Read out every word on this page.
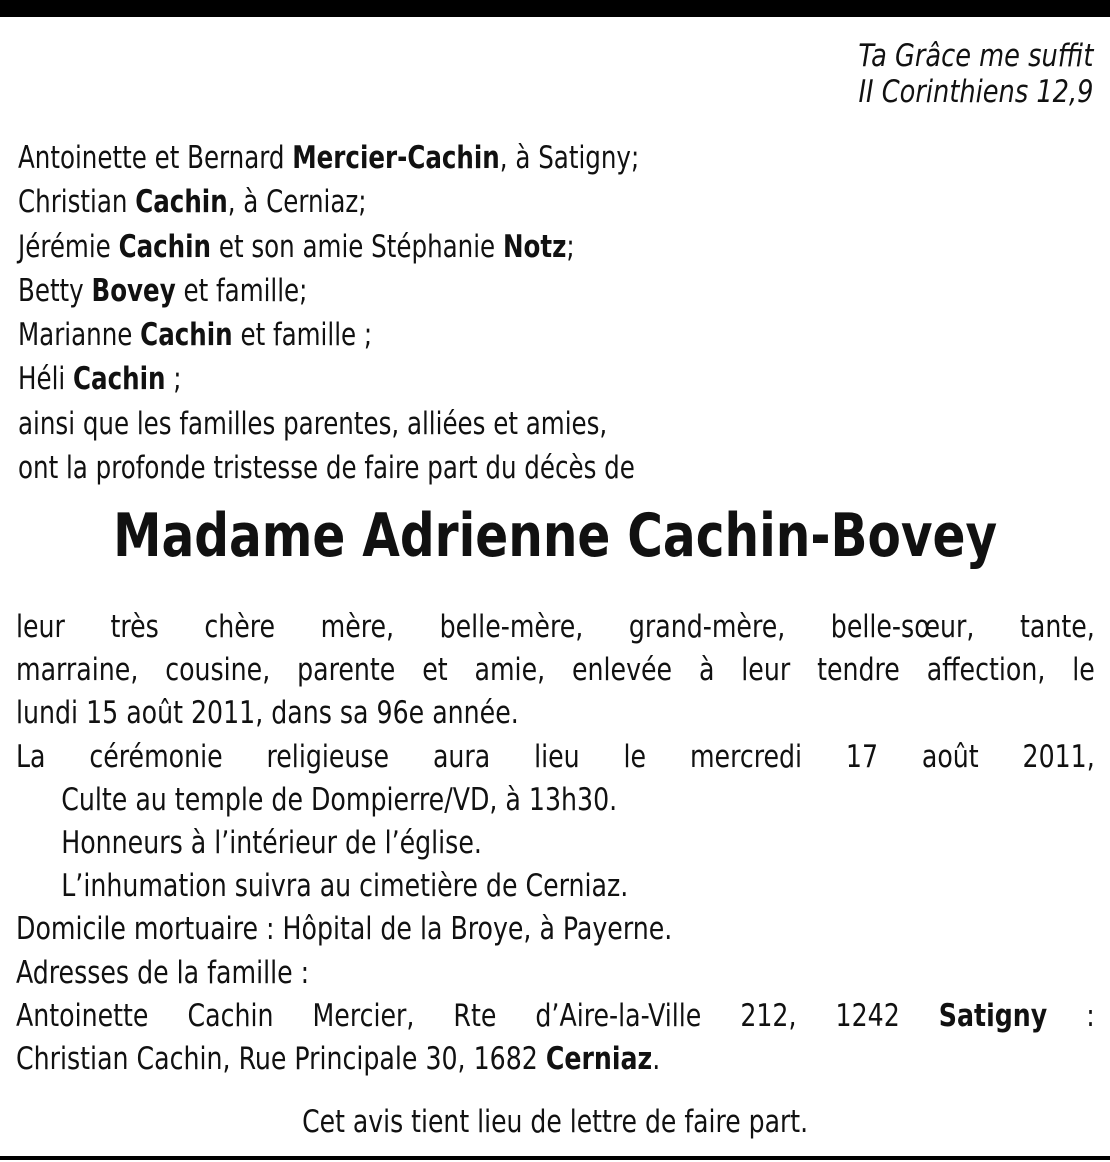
Ta Grâce me suffit
II Corinthiens 12,9
Antoinette et Bernard Mercier-Cachin, à Satigny;
Christian Cachin, à Cerniaz;
Jérémie Cachin et son amie Stéphanie Notz;
Betty Bovey et famille;
Marianne Cachin et famille ;
Héli Cachin ;
ainsi que les familles parentes, alliées et amies,
ont la profonde tristesse de faire part du décès de
Madame Adrienne Cachin-Bovey
leur très chère mère, belle-mère, grand-mère, belle-sœur, tante,
marraine, cousine, parente et amie, enlevée à leur tendre affection, le
lundi 15 août 2011, dans sa 96e année.
La cérémonie religieuse aura lieu le mercredi 17 août 2011,
Culte au temple de Dompierre/VD, à 13h30.
Honneurs à l’intérieur de l’église.
L’inhumation suivra au cimetière de Cerniaz.
Domicile mortuaire : Hôpital de la Broye, à Payerne.
Adresses de la famille :
Antoinette Cachin Mercier, Rte d’Aire-la-Ville 212, 1242 Satigny :
Christian Cachin, Rue Principale 30, 1682 Cerniaz.
Cet avis tient lieu de lettre de faire part.
